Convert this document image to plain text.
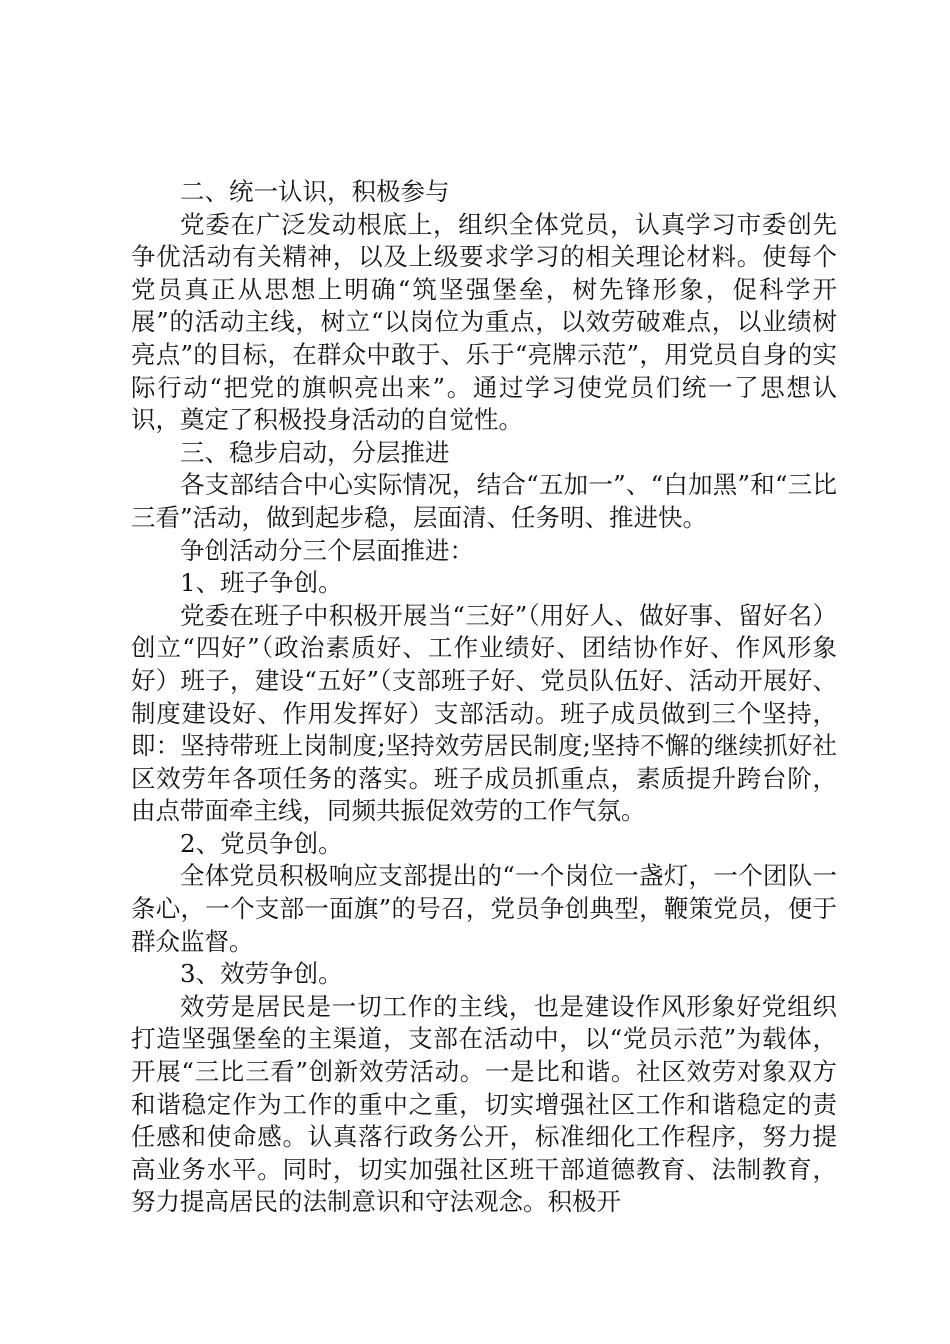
二、统一认识，积极参与

党委在广泛发动根底上，组织全体党员，认真学习市委创先争优活动有关精神，以及上级要求学习的相关理论材料。使每个党员真正从思想上明确“筑坚强堡垒，树先锋形象，促科学开展”的活动主线，树立“以岗位为重点，以效劳破难点，以业绩树亮点”的目标，在群众中敢于、乐于“亮牌示范”，用党员自身的实际行动“把党的旗帜亮出来”。通过学习使党员们统一了思想认识，奠定了积极投身活动的自觉性。

三、稳步启动，分层推进

各支部结合中心实际情况，结合“五加一”、“白加黑”和“三比三看”活动，做到起步稳，层面清、任务明、推进快。

争创活动分三个层面推进：

1、班子争创。

党委在班子中积极开展当“三好”（用好人、做好事、留好名）创立“四好”（政治素质好、工作业绩好、团结协作好、作风形象好）班子，建设“五好”（支部班子好、党员队伍好、活动开展好、制度建设好、作用发挥好）支部活动。班子成员做到三个坚持，即：坚持带班上岗制度;坚持效劳居民制度;坚持不懈的继续抓好社区效劳年各项任务的落实。班子成员抓重点，素质提升跨台阶，由点带面牵主线，同频共振促效劳的工作气氛。

2、党员争创。

全体党员积极响应支部提出的“一个岗位一盏灯，一个团队一条心，一个支部一面旗”的号召，党员争创典型，鞭策党员，便于群众监督。

3、效劳争创。

效劳是居民是一切工作的主线，也是建设作风形象好党组织打造坚强堡垒的主渠道，支部在活动中，以“党员示范”为载体，开展“三比三看”创新效劳活动。一是比和谐。社区效劳对象双方和谐稳定作为工作的重中之重，切实增强社区工作和谐稳定的责任感和使命感。认真落行政务公开，标准细化工作程序，努力提高业务水平。同时，切实加强社区班干部道德教育、法制教育，努力提高居民的法制意识和守法观念。积极开
